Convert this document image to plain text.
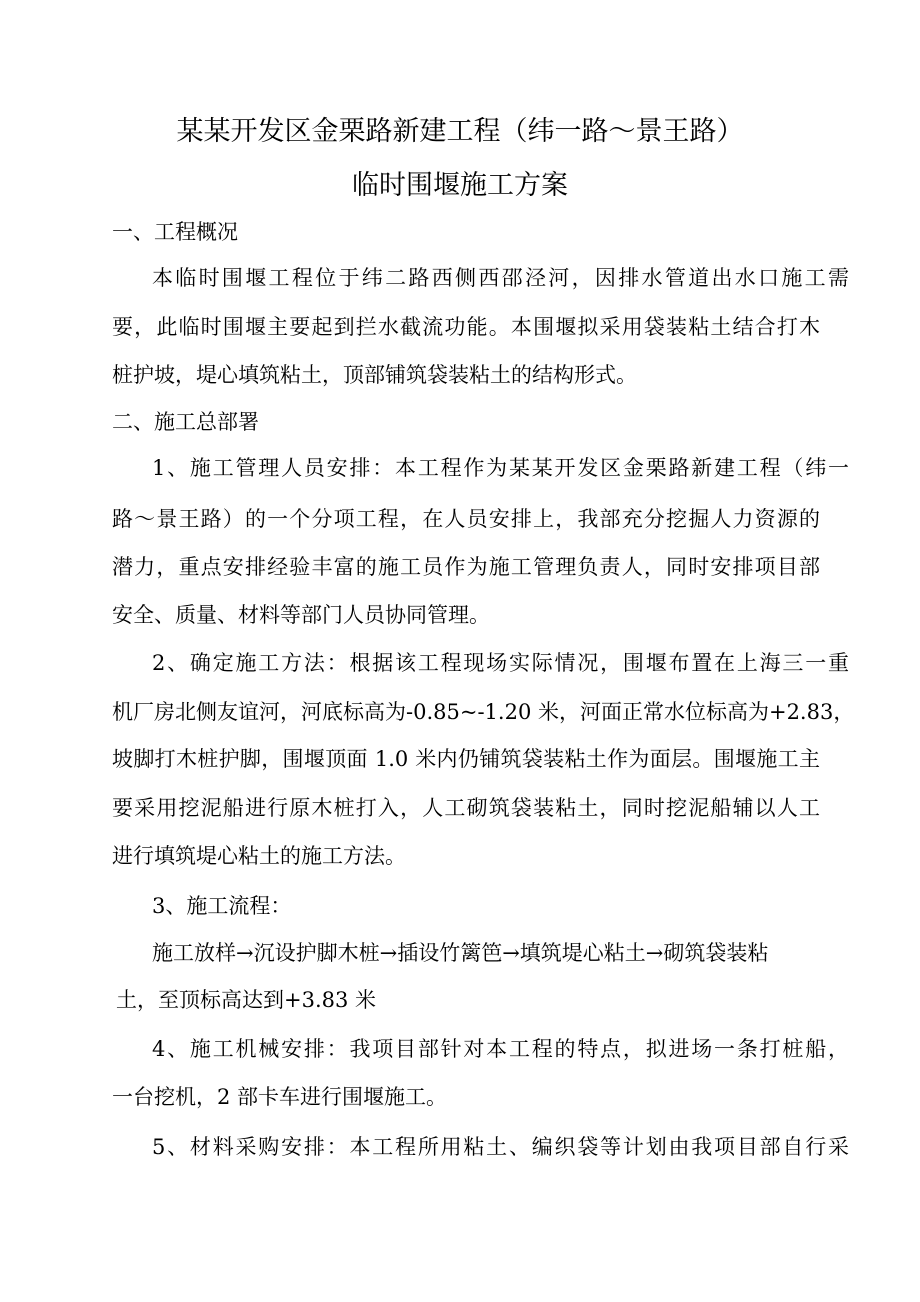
某某开发区金栗路新建工程（纬一路～景王路）
临时围堰施工方案
一、工程概况
本临时围堰工程位于纬二路西侧西邵泾河，因排水管道出水口施工需
要，此临时围堰主要起到拦水截流功能。本围堰拟采用袋装粘土结合打木
桩护坡，堤心填筑粘土，顶部铺筑袋装粘土的结构形式。
二、施工总部署
1、施工管理人员安排：本工程作为某某开发区金栗路新建工程（纬一
路～景王路）的一个分项工程，在人员安排上，我部充分挖掘人力资源的
潜力，重点安排经验丰富的施工员作为施工管理负责人，同时安排项目部
安全、质量、材料等部门人员协同管理。
2、确定施工方法：根据该工程现场实际情况，围堰布置在上海三一重
机厂房北侧友谊河，河底标高为-0.85~-1.20 米，河面正常水位标高为+2.83，
坡脚打木桩护脚，围堰顶面 1.0 米内仍铺筑袋装粘土作为面层。围堰施工主
要采用挖泥船进行原木桩打入，人工砌筑袋装粘土，同时挖泥船辅以人工
进行填筑堤心粘土的施工方法。
3、施工流程：
施工放样→沉设护脚木桩→插设竹篱笆→填筑堤心粘土→砌筑袋装粘
土，至顶标高达到+3.83 米
4、施工机械安排：我项目部针对本工程的特点，拟进场一条打桩船，
一台挖机，2 部卡车进行围堰施工。
5、材料采购安排：本工程所用粘土、编织袋等计划由我项目部自行采
